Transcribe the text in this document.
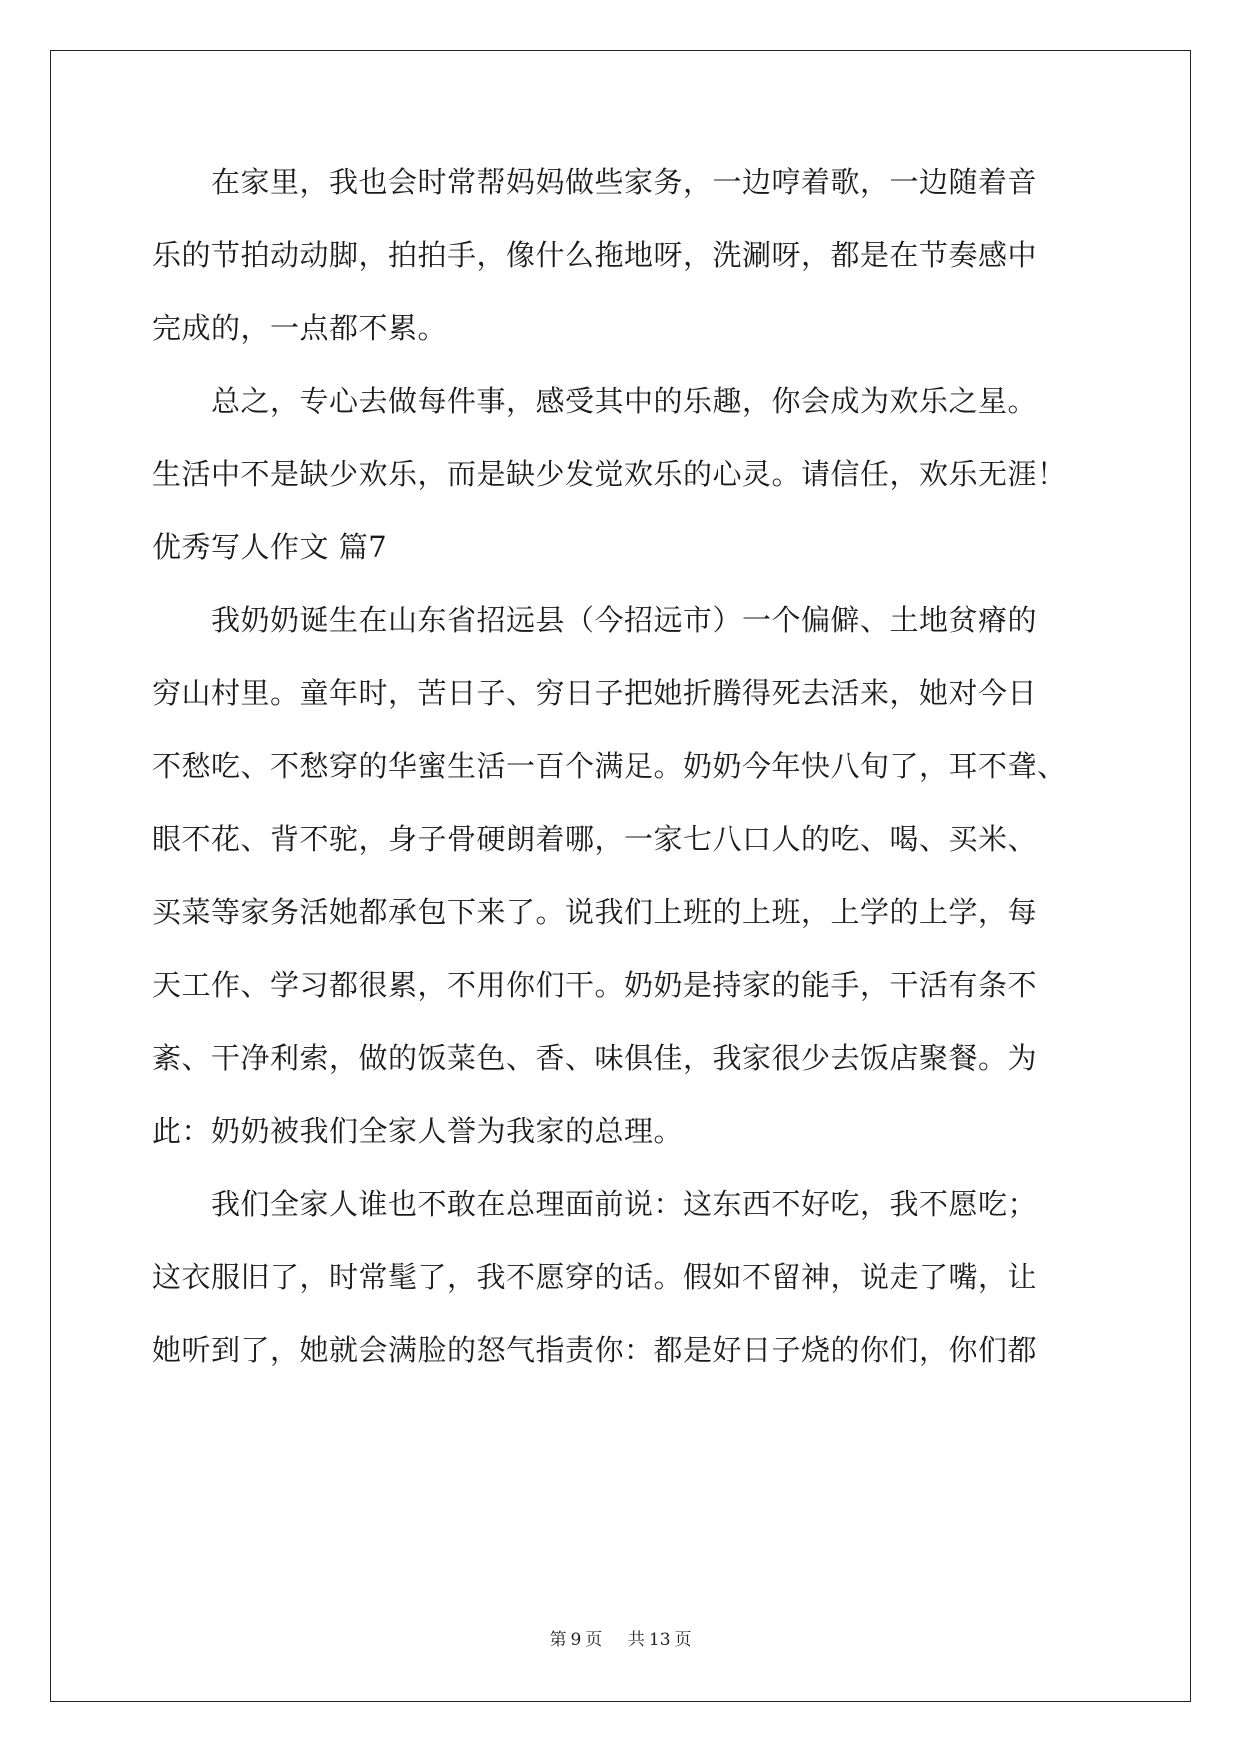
　　在家里，我也会时常帮妈妈做些家务，一边哼着歌，一边随着音
乐的节拍动动脚，拍拍手，像什么拖地呀，洗涮呀，都是在节奏感中
完成的，一点都不累。
　　总之，专心去做每件事，感受其中的乐趣，你会成为欢乐之星。
生活中不是缺少欢乐，而是缺少发觉欢乐的心灵。请信任，欢乐无涯！
优秀写人作文 篇7
　　我奶奶诞生在山东省招远县（今招远市）一个偏僻、土地贫瘠的
穷山村里。童年时，苦日子、穷日子把她折腾得死去活来，她对今日
不愁吃、不愁穿的华蜜生活一百个满足。奶奶今年快八旬了，耳不聋、
眼不花、背不驼，身子骨硬朗着哪，一家七八口人的吃、喝、买米、
买菜等家务活她都承包下来了。说我们上班的上班，上学的上学，每
天工作、学习都很累，不用你们干。奶奶是持家的能手，干活有条不
紊、干净利索，做的饭菜色、香、味俱佳，我家很少去饭店聚餐。为
此：奶奶被我们全家人誉为我家的总理。
　　我们全家人谁也不敢在总理面前说：这东西不好吃，我不愿吃；
这衣服旧了，时常髦了，我不愿穿的话。假如不留神，说走了嘴，让
她听到了，她就会满脸的怒气指责你：都是好日子烧的你们，你们都
第 9 页 共 13 页
